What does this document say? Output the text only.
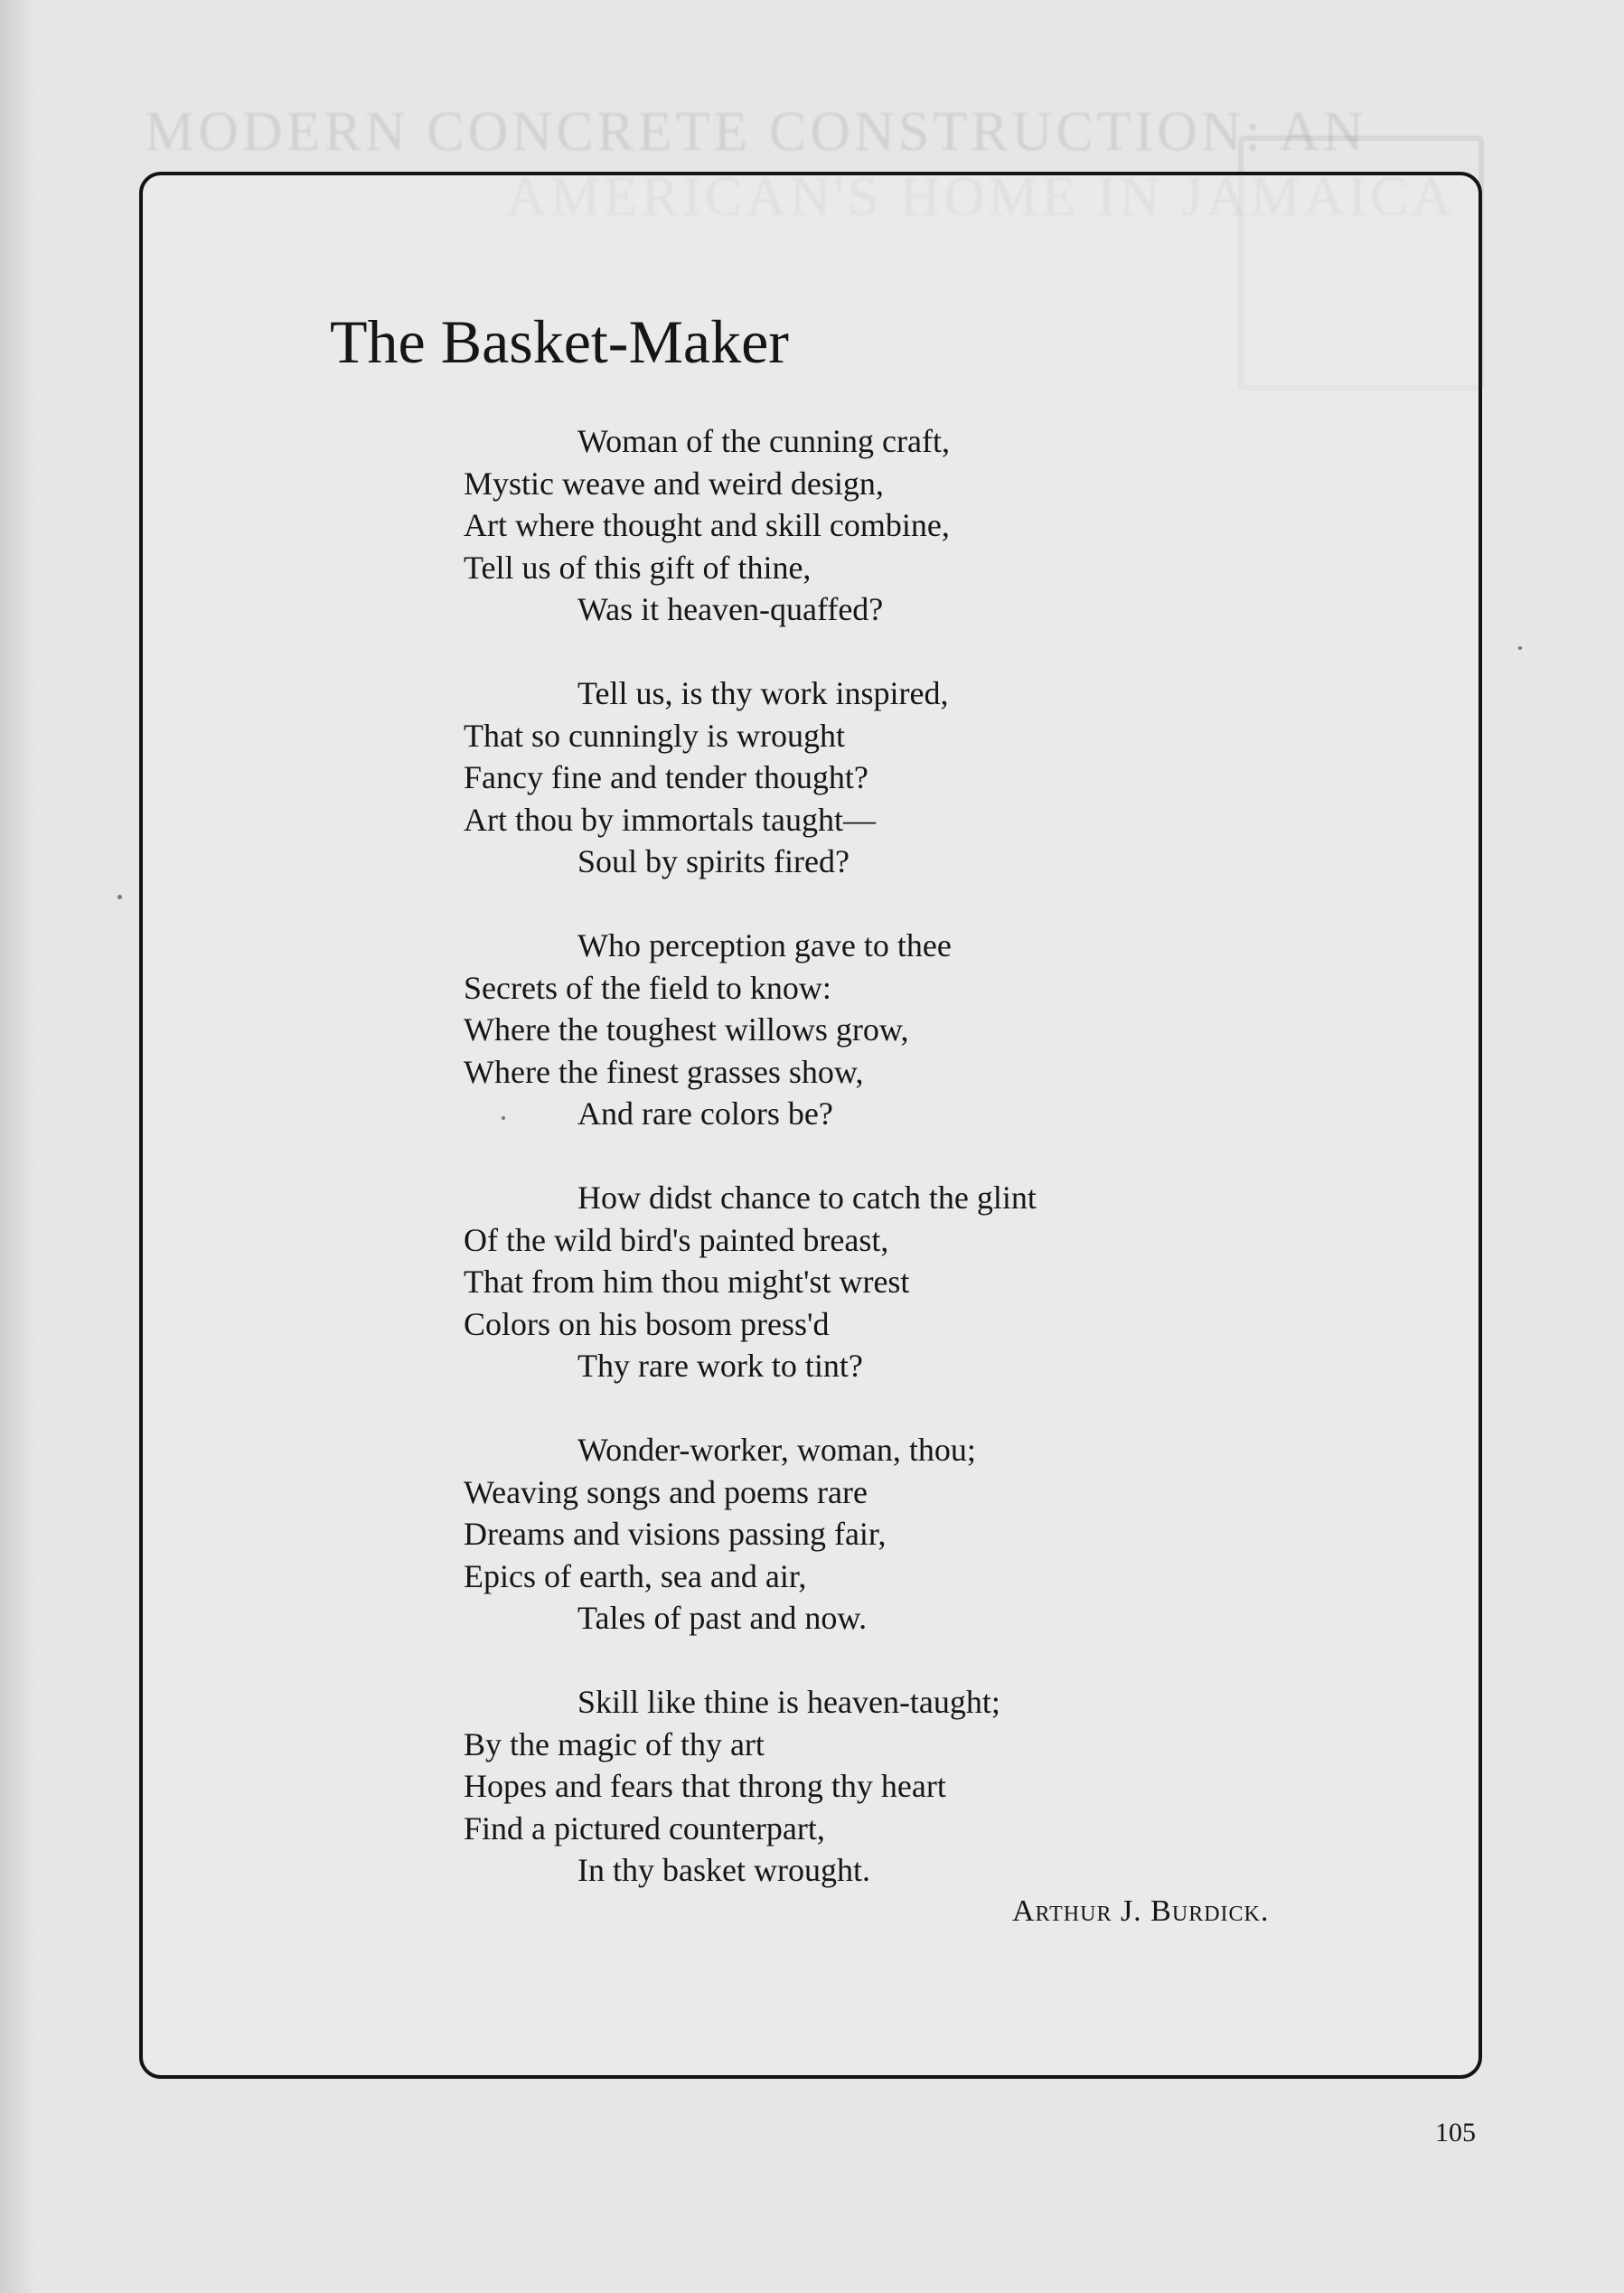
MODERN CONCRETE CONSTRUCTION: AN
The Basket-Maker
Woman of the cunning craft,
Mystic weave and weird design,
Art where thought and skill combine,
Tell us of this gift of thine,
Was it heaven-quaffed?
Tell us, is thy work inspired,
That so cunningly is wrought
Fancy fine and tender thought?
Art thou by immortals taught—
Soul by spirits fired?
Who perception gave to thee
Secrets of the field to know:
Where the toughest willows grow,
Where the finest grasses show,
And rare colors be?
How didst chance to catch the glint
Of the wild bird's painted breast,
That from him thou might'st wrest
Colors on his bosom press'd
Thy rare work to tint?
Wonder-worker, woman, thou;
Weaving songs and poems rare
Dreams and visions passing fair,
Epics of earth, sea and air,
Tales of past and now.
Skill like thine is heaven-taught;
By the magic of thy art
Hopes and fears that throng thy heart
Find a pictured counterpart,
In thy basket wrought.
Arthur J. Burdick.
105
